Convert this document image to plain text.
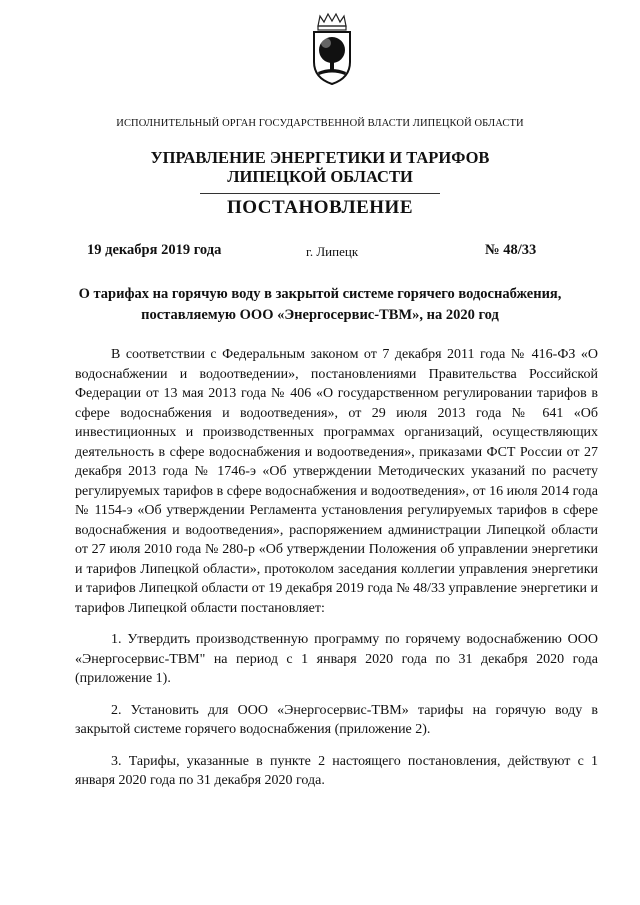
ИСПОЛНИТЕЛЬНЫЙ ОРГАН ГОСУДАРСТВЕННОЙ ВЛАСТИ ЛИПЕЦКОЙ ОБЛАСТИ
УПРАВЛЕНИЕ ЭНЕРГЕТИКИ И ТАРИФОВ
ЛИПЕЦКОЙ ОБЛАСТИ
ПОСТАНОВЛЕНИЕ
19 декабря 2019 года	г. Липецк	№ 48/33
О тарифах на горячую воду в закрытой системе горячего водоснабжения,
поставляемую ООО «Энергосервис-ТВМ», на 2020 год

В соответствии с Федеральным законом от 7 декабря 2011 года № 416-ФЗ «О водоснабжении и водоотведении», постановлениями Правительства Российской Федерации от 13 мая 2013 года № 406 «О государственном регулировании тарифов в сфере водоснабжения и водоотведения», от 29 июля 2013 года № 641 «Об инвестиционных и производственных программах организаций, осуществляющих деятельность в сфере водоснабжения и водоотведения», приказами ФСТ России от 27 декабря 2013 года № 1746-э «Об утверждении Методических указаний по расчету регулируемых тарифов в сфере водоснабжения и водоотведения», от 16 июля 2014 года № 1154-э «Об утверждении Регламента установления регулируемых тарифов в сфере водоснабжения и водоотведения», распоряжением администрации Липецкой области от 27 июля 2010 года № 280-р «Об утверждении Положения об управлении энергетики и тарифов Липецкой области», протоколом заседания коллегии управления энергетики и тарифов Липецкой области от 19 декабря 2019 года № 48/33 управление энергетики и тарифов Липецкой области постановляет:

1. Утвердить производственную программу по горячему водоснабжению ООО «Энергосервис-ТВМ" на период с 1 января 2020 года по 31 декабря 2020 года (приложение 1).

2. Установить для ООО «Энергосервис-ТВМ» тарифы на горячую воду в закрытой системе горячего водоснабжения (приложение 2).

3. Тарифы, указанные в пункте 2 настоящего постановления, действуют с 1 января 2020 года по 31 декабря 2020 года.
